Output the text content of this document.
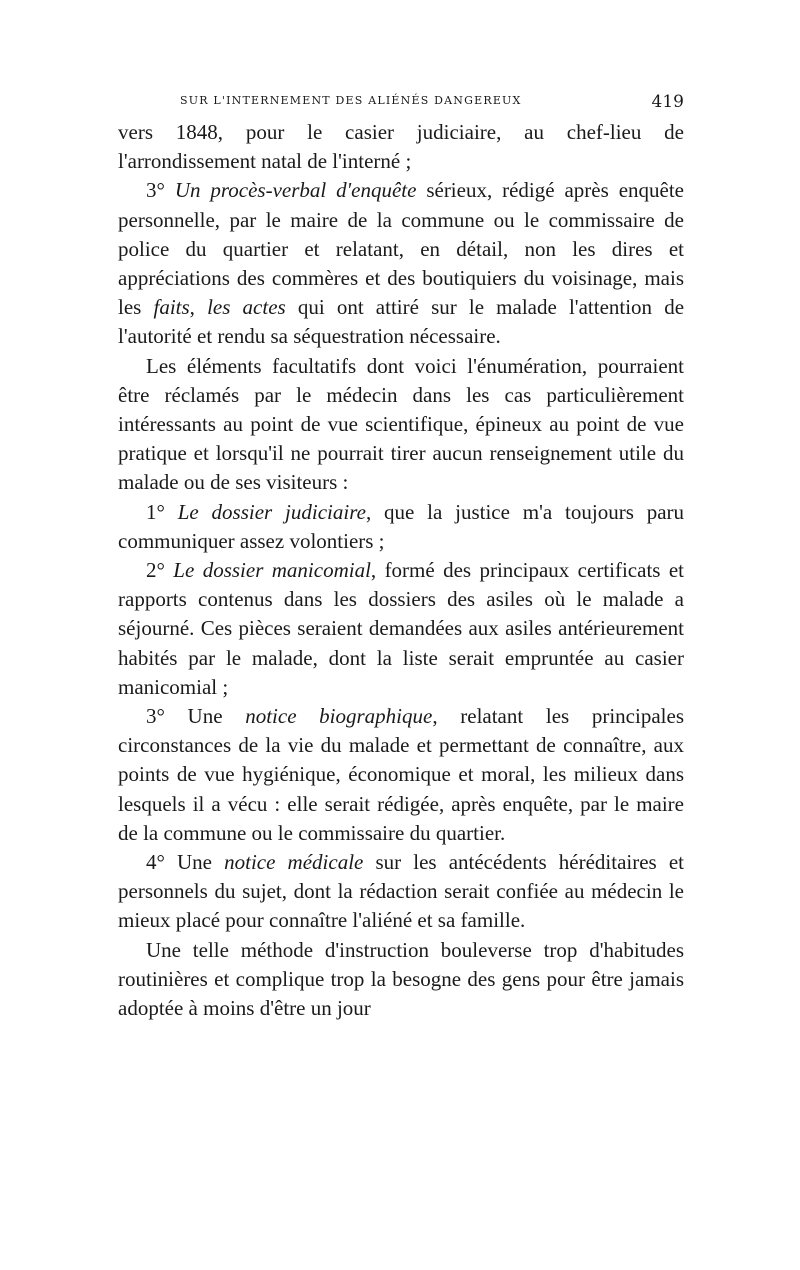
SUR L'INTERNEMENT DES ALIÉNÉS DANGEREUX	419

vers 1848, pour le casier judiciaire, au chef-lieu de l'arrondissement natal de l'interné ;

3° Un procès-verbal d'enquête sérieux, rédigé après enquête personnelle, par le maire de la commune ou le commissaire de police du quartier et relatant, en détail, non les dires et appréciations des commères et des boutiquiers du voisinage, mais les faits, les actes qui ont attiré sur le malade l'attention de l'autorité et rendu sa séquestration nécessaire.

Les éléments facultatifs dont voici l'énumération, pourraient être réclamés par le médecin dans les cas particulièrement intéressants au point de vue scientifique, épineux au point de vue pratique et lorsqu'il ne pourrait tirer aucun renseignement utile du malade ou de ses visiteurs :

1° Le dossier judiciaire, que la justice m'a toujours paru communiquer assez volontiers ;

2° Le dossier manicomial, formé des principaux certificats et rapports contenus dans les dossiers des asiles où le malade a séjourné. Ces pièces seraient demandées aux asiles antérieurement habités par le malade, dont la liste serait empruntée au casier manicomial ;

3° Une notice biographique, relatant les principales circonstances de la vie du malade et permettant de connaître, aux points de vue hygiénique, économique et moral, les milieux dans lesquels il a vécu : elle serait rédigée, après enquête, par le maire de la commune ou le commissaire du quartier.

4° Une notice médicale sur les antécédents héréditaires et personnels du sujet, dont la rédaction serait confiée au médecin le mieux placé pour connaître l'aliéné et sa famille.

Une telle méthode d'instruction bouleverse trop d'habitudes routinières et complique trop la besogne des gens pour être jamais adoptée à moins d'être un jour
